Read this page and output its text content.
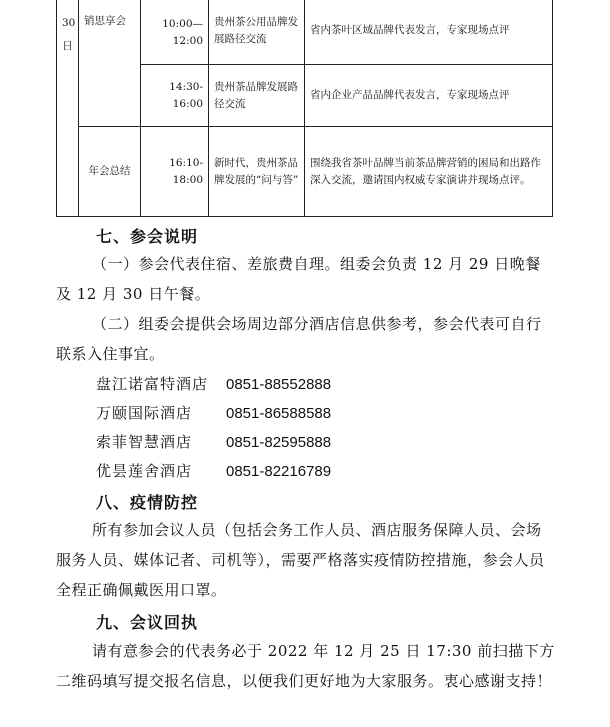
30
日	销思享会	10:00—12:00	贵州茶公用品牌发展路径交流	省内茶叶区域品牌代表发言，专家现场点评
		14:30-16:00	贵州茶品牌发展路径交流	省内企业产品品牌代表发言，专家现场点评
	年会总结	16:10-18:00	新时代，贵州茶品牌发展的“问与答”	围绕我省茶叶品牌当前茶品牌营销的困局和出路作深入交流，邀请国内权威专家演讲并现场点评。
七、参会说明
（一）参会代表住宿、差旅费自理。组委会负责 12 月 29 日晚餐及 12 月 30 日午餐。
（二）组委会提供会场周边部分酒店信息供参考，参会代表可自行联系入住事宜。
盘江诺富特酒店 0851-88552888
万颐国际酒店 0851-86588588
索菲智慧酒店 0851-82595888
优昙莲舍酒店 0851-82216789
八、疫情防控
所有参加会议人员（包括会务工作人员、酒店服务保障人员、会场服务人员、媒体记者、司机等），需要严格落实疫情防控措施，参会人员全程正确佩戴医用口罩。
九、会议回执
请有意参会的代表务必于 2022 年 12 月 25 日 17:30 前扫描下方二维码填写提交报名信息，以便我们更好地为大家服务。衷心感谢支持！
